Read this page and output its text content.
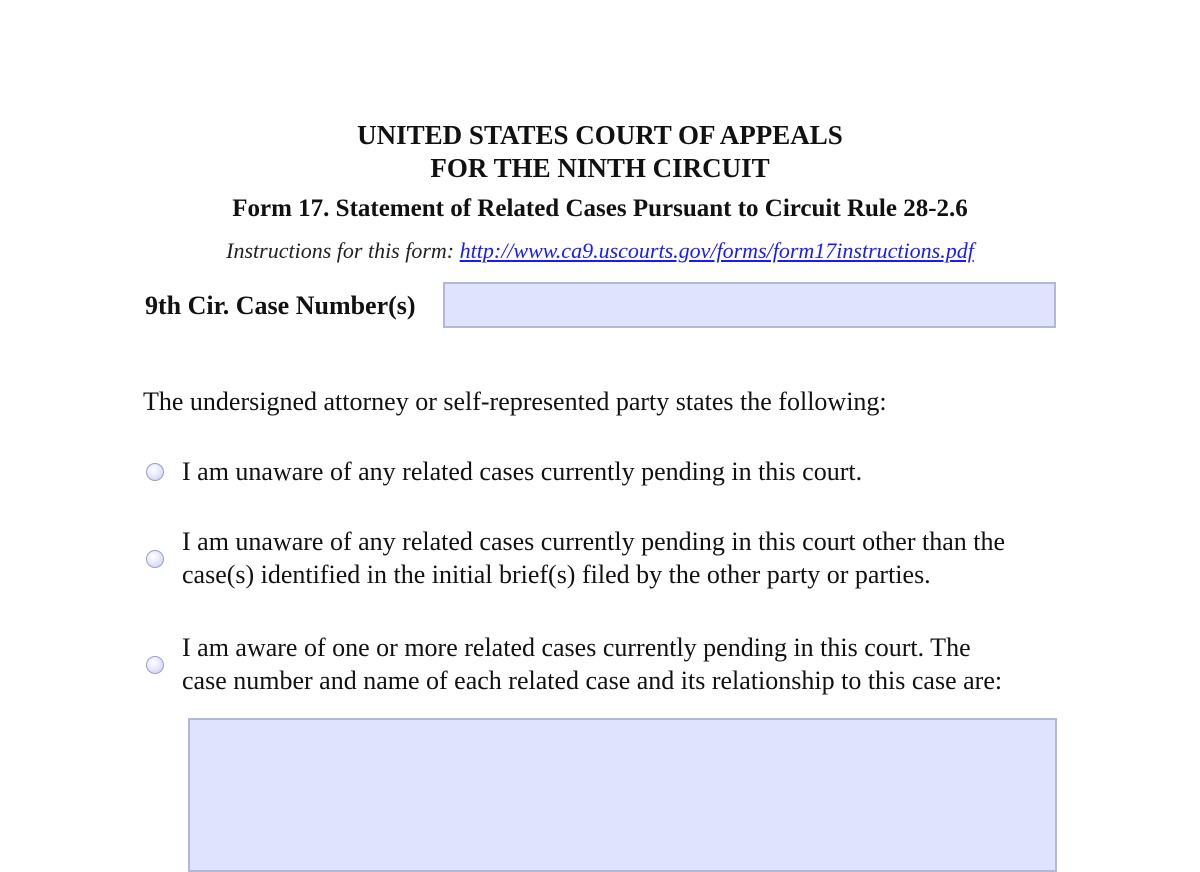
UNITED STATES COURT OF APPEALS
FOR THE NINTH CIRCUIT
Form 17. Statement of Related Cases Pursuant to Circuit Rule 28-2.6
Instructions for this form: http://www.ca9.uscourts.gov/forms/form17instructions.pdf
9th Cir. Case Number(s)
The undersigned attorney or self-represented party states the following:
I am unaware of any related cases currently pending in this court.
I am unaware of any related cases currently pending in this court other than the
case(s) identified in the initial brief(s) filed by the other party or parties.
I am aware of one or more related cases currently pending in this court. The
case number and name of each related case and its relationship to this case are:
